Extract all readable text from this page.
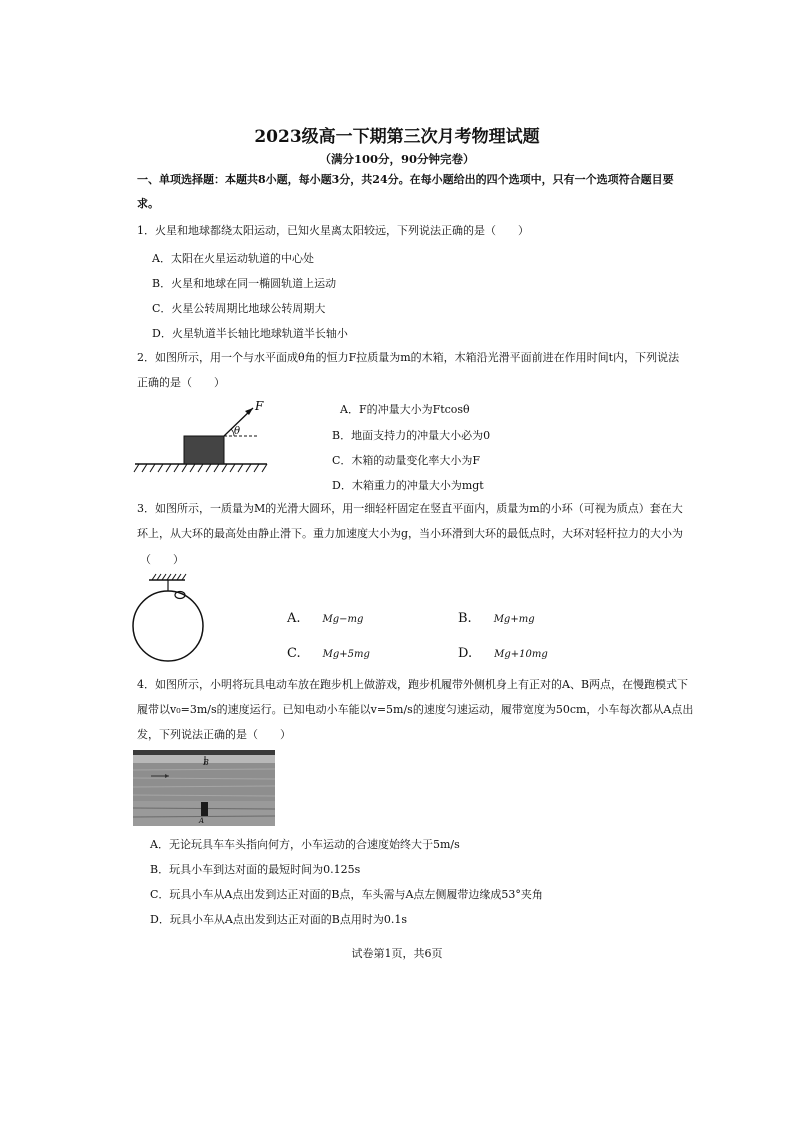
2023级高一下期第三次月考物理试题
（满分100分，90分钟完卷）
一、单项选择题：本题共8小题，每小题3分，共24分。在每小题给出的四个选项中，只有一个选项符合题目要
求。
1．火星和地球都绕太阳运动，已知火星离太阳较远，下列说法正确的是（　　）
A．太阳在火星运动轨道的中心处
B．火星和地球在同一椭圆轨道上运动
C．火星公转周期比地球公转周期大
D．火星轨道半长轴比地球轨道半长轴小
2．如图所示，用一个与水平面成θ角的恒力F拉质量为m的木箱，木箱沿光滑平面前进在作用时间t内，下列说法
正确的是（　　）
F
θ
A．F的冲量大小为Ftcosθ
B．地面支持力的冲量大小必为0
C．木箱的动量变化率大小为F
D．木箱重力的冲量大小为mgt
3．如图所示，一质量为M的光滑大圆环，用一细轻杆固定在竖直平面内，质量为m的小环（可视为质点）套在大
环上，从大环的最高处由静止滑下。重力加速度大小为g，当小环滑到大环的最低点时，大环对轻杆拉力的大小为
（　　）
A. Mg−mg	B. Mg+mg
C. Mg+5mg	D. Mg+10mg
4．如图所示，小明将玩具电动车放在跑步机上做游戏，跑步机履带外侧机身上有正对的A、B两点，在慢跑模式下
履带以v₀=3m/s的速度运行。已知电动小车能以v=5m/s的速度匀速运动，履带宽度为50cm，小车每次都从A点出
发，下列说法正确的是（　　）
B
A
A．无论玩具车车头指向何方，小车运动的合速度始终大于5m/s
B．玩具小车到达对面的最短时间为0.125s
C．玩具小车从A点出发到达正对面的B点，车头需与A点左侧履带边缘成53°夹角
D．玩具小车从A点出发到达正对面的B点用时为0.1s
试卷第1页，共6页
